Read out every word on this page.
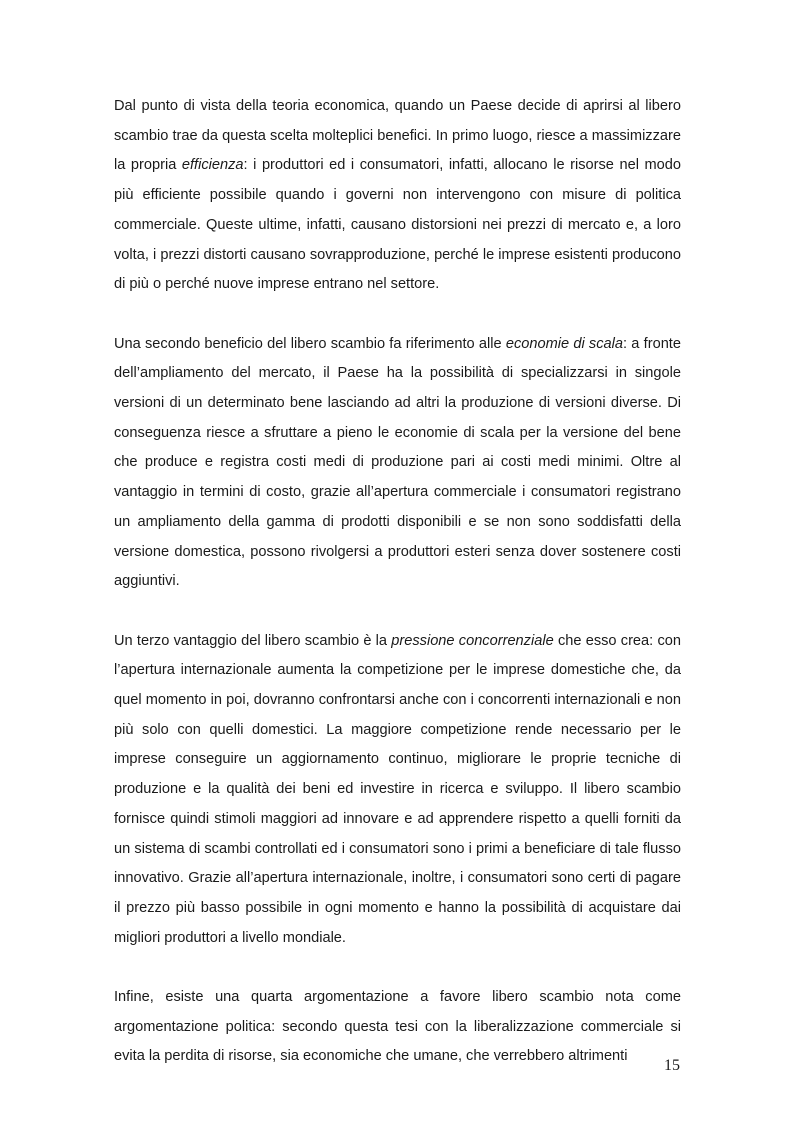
Dal punto di vista della teoria economica, quando un Paese decide di aprirsi al libero scambio trae da questa scelta molteplici benefici. In primo luogo, riesce a massimizzare la propria efficienza: i produttori ed i consumatori, infatti, allocano le risorse nel modo più efficiente possibile quando i governi non intervengono con misure di politica commerciale. Queste ultime, infatti, causano distorsioni nei prezzi di mercato e, a loro volta, i prezzi distorti causano sovrapproduzione, perché le imprese esistenti producono di più o perché nuove imprese entrano nel settore.

Una secondo beneficio del libero scambio fa riferimento alle economie di scala: a fronte dell’ampliamento del mercato, il Paese ha la possibilità di specializzarsi in singole versioni di un determinato bene lasciando ad altri la produzione di versioni diverse. Di conseguenza riesce a sfruttare a pieno le economie di scala per la versione del bene che produce e registra costi medi di produzione pari ai costi medi minimi. Oltre al vantaggio in termini di costo, grazie all’apertura commerciale i consumatori registrano un ampliamento della gamma di prodotti disponibili e se non sono soddisfatti della versione domestica, possono rivolgersi a produttori esteri senza dover sostenere costi aggiuntivi.

Un terzo vantaggio del libero scambio è la pressione concorrenziale che esso crea: con l’apertura internazionale aumenta la competizione per le imprese domestiche che, da quel momento in poi, dovranno confrontarsi anche con i concorrenti internazionali e non più solo con quelli domestici. La maggiore competizione rende necessario per le imprese conseguire un aggiornamento continuo, migliorare le proprie tecniche di produzione e la qualità dei beni ed investire in ricerca e sviluppo. Il libero scambio fornisce quindi stimoli maggiori ad innovare e ad apprendere rispetto a quelli forniti da un sistema di scambi controllati ed i consumatori sono i primi a beneficiare di tale flusso innovativo. Grazie all’apertura internazionale, inoltre, i consumatori sono certi di pagare il prezzo più basso possibile in ogni momento e hanno la possibilità di acquistare dai migliori produttori a livello mondiale.

Infine, esiste una quarta argomentazione a favore libero scambio nota come argomentazione politica: secondo questa tesi con la liberalizzazione commerciale si evita la perdita di risorse, sia economiche che umane, che verrebbero altrimenti

15
